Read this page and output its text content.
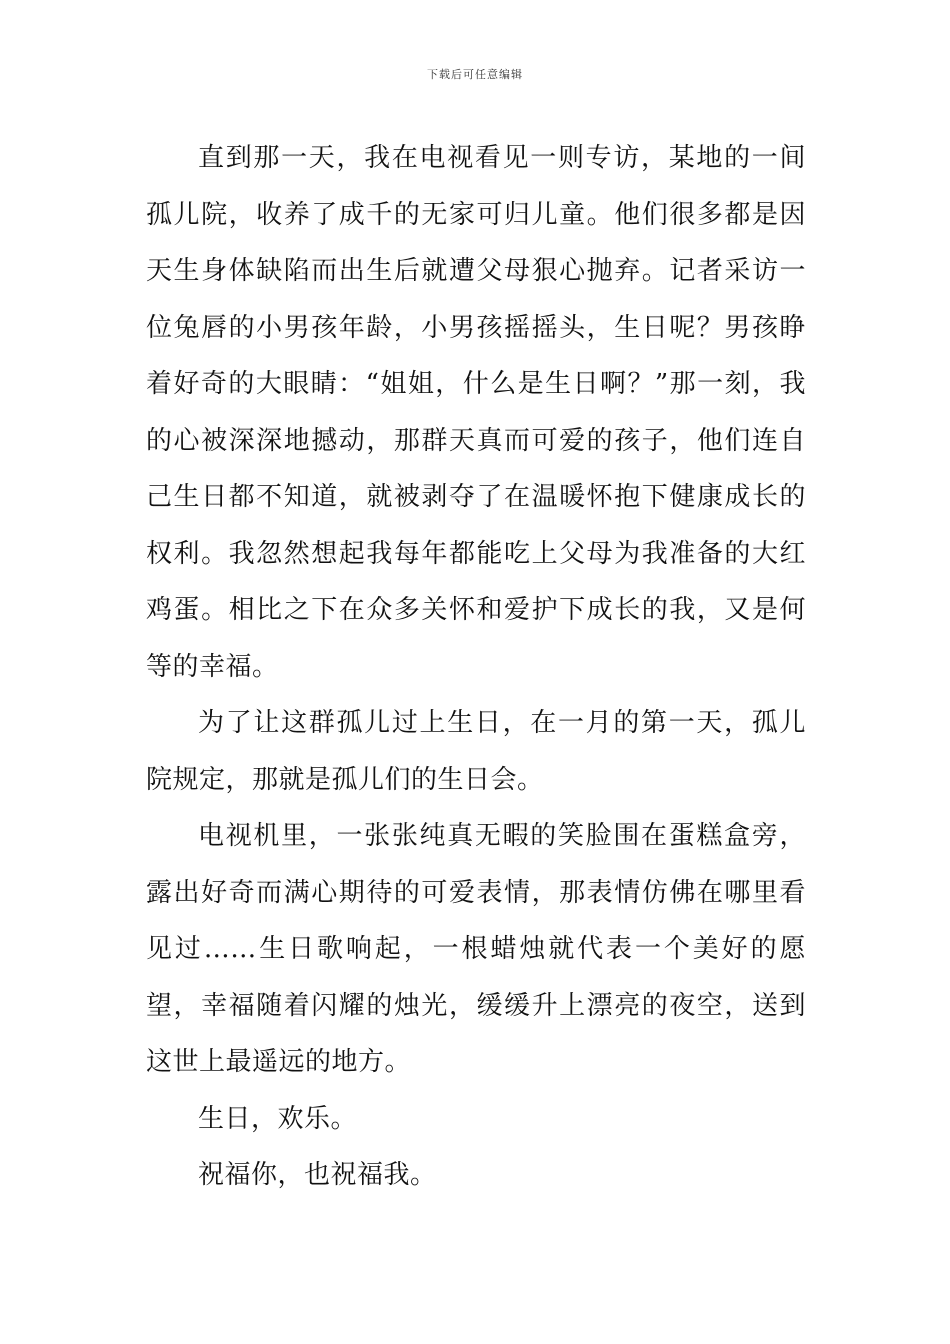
下载后可任意编辑

直到那一天，我在电视看见一则专访，某地的一间孤儿院，收养了成千的无家可归儿童。他们很多都是因天生身体缺陷而出生后就遭父母狠心抛弃。记者采访一位兔唇的小男孩年龄，小男孩摇摇头，生日呢？男孩睁着好奇的大眼睛：“姐姐，什么是生日啊？”那一刻，我的心被深深地撼动，那群天真而可爱的孩子，他们连自己生日都不知道，就被剥夺了在温暖怀抱下健康成长的权利。我忽然想起我每年都能吃上父母为我准备的大红鸡蛋。相比之下在众多关怀和爱护下成长的我，又是何等的幸福。

为了让这群孤儿过上生日，在一月的第一天，孤儿院规定，那就是孤儿们的生日会。

电视机里，一张张纯真无暇的笑脸围在蛋糕盒旁，露出好奇而满心期待的可爱表情，那表情仿佛在哪里看见过……生日歌响起，一根蜡烛就代表一个美好的愿望，幸福随着闪耀的烛光，缓缓升上漂亮的夜空，送到这世上最遥远的地方。

生日，欢乐。

祝福你，也祝福我。
